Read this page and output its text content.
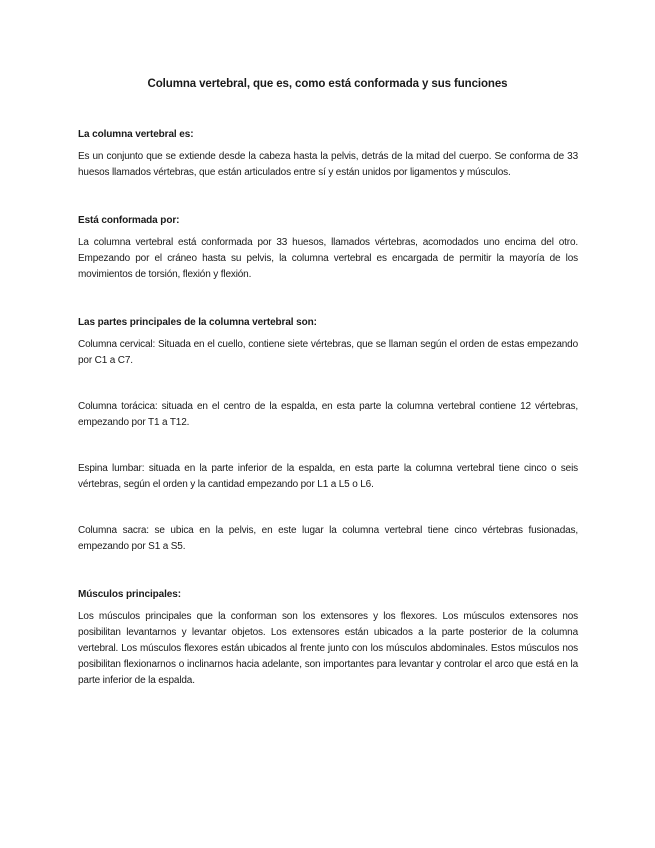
Columna vertebral, que es, como está conformada y sus funciones

La columna vertebral es:

Es un conjunto que se extiende desde la cabeza hasta la pelvis, detrás de la mitad del cuerpo. Se conforma de 33 huesos llamados vértebras, que están articulados entre sí y están unidos por ligamentos y músculos.

Está conformada por:

La columna vertebral está conformada por 33 huesos, llamados vértebras, acomodados uno encima del otro. Empezando por el cráneo hasta su pelvis, la columna vertebral es encargada de permitir la mayoría de los movimientos de torsión, flexión y flexión.

Las partes principales de la columna vertebral son:

Columna cervical: Situada en el cuello, contiene siete vértebras, que se llaman según el orden de estas empezando por C1 a C7.

Columna torácica: situada en el centro de la espalda, en esta parte la columna vertebral contiene 12 vértebras, empezando por T1 a T12.

Espina lumbar: situada en la parte inferior de la espalda, en esta parte la columna vertebral tiene cinco o seis vértebras, según el orden y la cantidad empezando por L1 a L5 o L6.

Columna sacra: se ubica en la pelvis, en este lugar la columna vertebral tiene cinco vértebras fusionadas, empezando por S1 a S5.

Músculos principales:

Los músculos principales que la conforman son los extensores y los flexores. Los músculos extensores nos posibilitan levantarnos y levantar objetos. Los extensores están ubicados a la parte posterior de la columna vertebral. Los músculos flexores están ubicados al frente junto con los músculos abdominales. Estos músculos nos posibilitan flexionarnos o inclinarnos hacia adelante, son importantes para levantar y controlar el arco que está en la parte inferior de la espalda.
